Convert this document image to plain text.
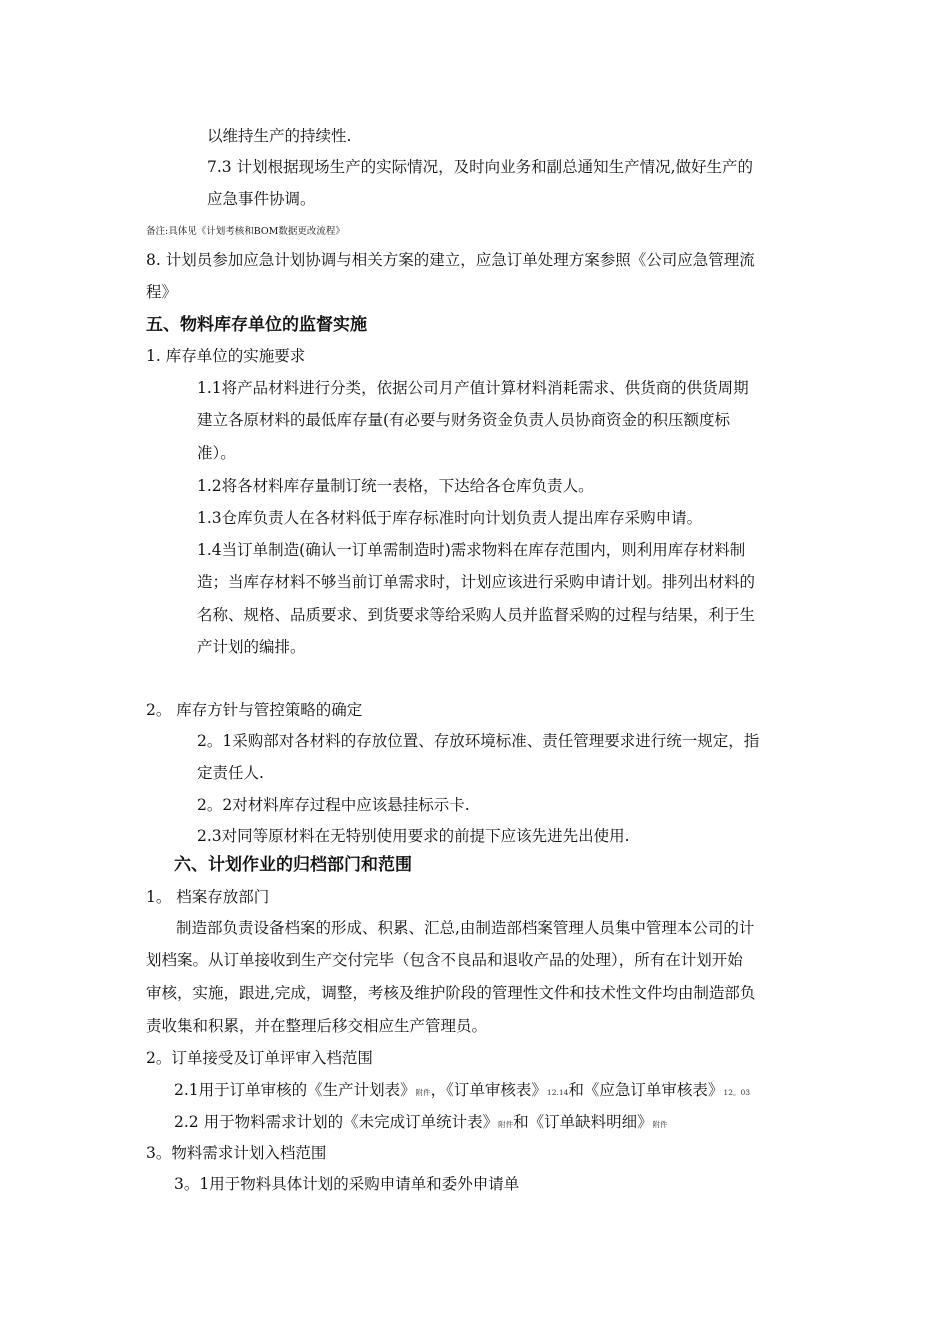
以维持生产的持续性.
7.3 计划根据现场生产的实际情况，及时向业务和副总通知生产情况,做好生产的
应急事件协调。
备注:具体见《计划考核和BOM数据更改流程》
8. 计划员参加应急计划协调与相关方案的建立，应急订单处理方案参照《公司应急管理流
程》
五、物料库存单位的监督实施
1. 库存单位的实施要求
1.1将产品材料进行分类，依据公司月产值计算材料消耗需求、供货商的供货周期
建立各原材料的最低库存量(有必要与财务资金负责人员协商资金的积压额度标
准）。
1.2将各材料库存量制订统一表格，下达给各仓库负责人。
1.3仓库负责人在各材料低于库存标准时向计划负责人提出库存采购申请。
1.4当订单制造(确认一订单需制造时)需求物料在库存范围内，则利用库存材料制
造；当库存材料不够当前订单需求时，计划应该进行采购申请计划。排列出材料的
名称、规格、品质要求、到货要求等给采购人员并监督采购的过程与结果，利于生
产计划的编排。
2。 库存方针与管控策略的确定
2。1采购部对各材料的存放位置、存放环境标准、责任管理要求进行统一规定，指
定责任人.
2。2对材料库存过程中应该悬挂标示卡.
2.3对同等原材料在无特别使用要求的前提下应该先进先出使用.
六、计划作业的归档部门和范围
1。 档案存放部门
制造部负责设备档案的形成、积累、汇总,由制造部档案管理人员集中管理本公司的计
划档案。从订单接收到生产交付完毕（包含不良品和退收产品的处理），所有在计划开始
审核，实施，跟进,完成，调整，考核及维护阶段的管理性文件和技术性文件均由制造部负
责收集和积累，并在整理后移交相应生产管理员。
2。订单接受及订单评审入档范围
2.1用于订单审核的《生产计划表》附件，《订单审核表》12.14和《应急订单审核表》12。03
2.2 用于物料需求计划的《未完成订单统计表》附件和《订单缺料明细》附件
3。物料需求计划入档范围
3。1用于物料具体计划的采购申请单和委外申请单
